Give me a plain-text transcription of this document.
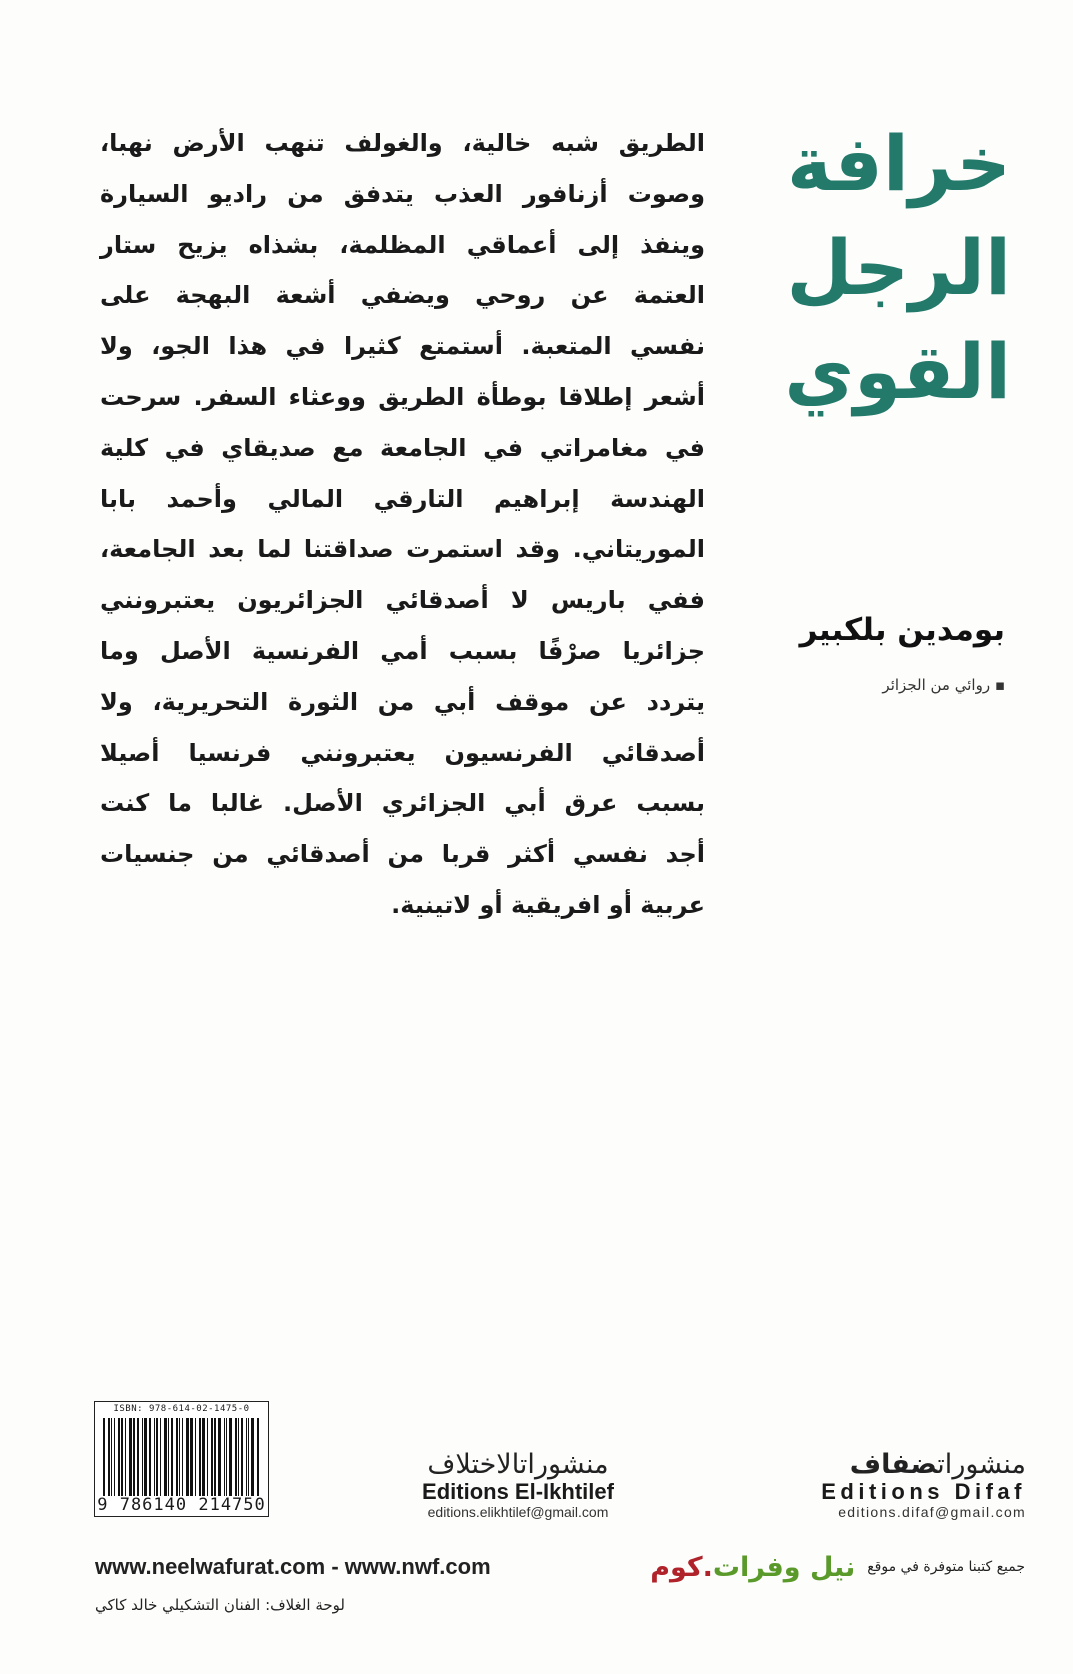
خرافة
الرجل
القوي
الطريق شبه خالية، والغولف تنهب الأرض نهبا،
وصوت أزنافور العذب يتدفق من راديو السيارة
وينفذ إلى أعماقي المظلمة، بشذاه يزيح ستار
العتمة عن روحي ويضفي أشعة البهجة على
نفسي المتعبة. أستمتع كثيرا في هذا الجو، ولا
أشعر إطلاقا بوطأة الطريق ووعثاء السفر. سرحت
في مغامراتي في الجامعة مع صديقاي في كلية
الهندسة إبراهيم التارقي المالي وأحمد بابا
الموريتاني. وقد استمرت صداقتنا لما بعد الجامعة،
ففي باريس لا أصدقائي الجزائريون يعتبرونني
جزائريا صرْفًا بسبب أمي الفرنسية الأصل وما
يتردد عن موقف أبي من الثورة التحريرية، ولا
أصدقائي الفرنسيون يعتبرونني فرنسيا أصيلا
بسبب عرق أبي الجزائري الأصل. غالبا ما كنت
أجد نفسي أكثر قربا من أصدقائي من جنسيات
عربية أو افريقية أو لاتينية.
بومدين بلكبير
▪ روائي من الجزائر
ISBN: 978-614-02-1475-0
9 786140 214750
منشوراتالاختلاف
Editions El-Ikhtilef
editions.elikhtilef@gmail.com
منشوراتضفاف
Editions Difaf
editions.difaf@gmail.com
www.neelwafurat.com - www.nwf.com	جميع كتبنا متوفرة في موقع
نيل وفرات.كوم
لوحة الغلاف: الفنان التشكيلي خالد كاكي
